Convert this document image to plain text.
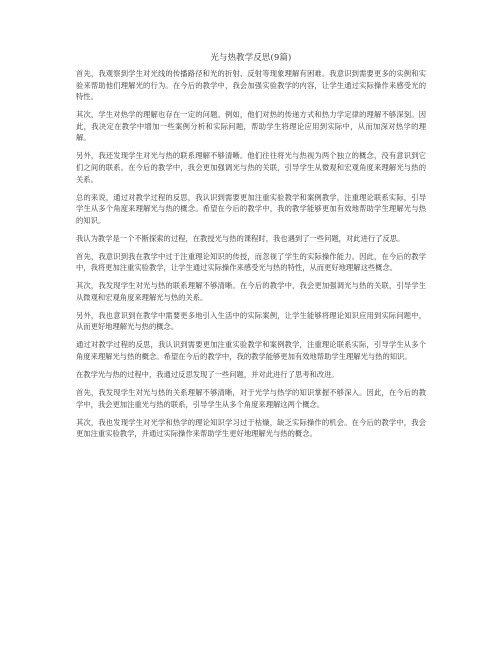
光与热教学反思(9篇)

首先，我观察到学生对光线的传播路径和光的折射、反射等现象理解有困难。我意识到需要更多的实例和实验来帮助他们理解光的行为。在今后的教学中，我会加强实验教学的内容，让学生通过实际操作来感受光的特性。

其次，学生对热学的理解也存在一定的问题。例如，他们对热的传递方式和热力学定律的理解不够深刻。因此，我决定在教学中增加一些案例分析和实际问题，帮助学生将理论应用到实际中，从而加深对热学的理解。

另外，我还发现学生对光与热的联系理解不够清晰。他们往往将光与热视为两个独立的概念，没有意识到它们之间的联系。在今后的教学中，我会更加强调光与热的关联，引导学生从微观和宏观角度来理解光与热的关系。

总的来说，通过对教学过程的反思，我认识到需要更加注重实验教学和案例教学，注重理论联系实际，引导学生从多个角度来理解光与热的概念。希望在今后的教学中，我的教学能够更加有效地帮助学生理解光与热的知识。

我认为教学是一个不断探索的过程，在教授光与热的课程时，我也遇到了一些问题，对此进行了反思。

首先，我意识到我在教学中过于注重理论知识的传授，而忽视了学生的实际操作能力。因此，在今后的教学中，我将更加注重实验教学，让学生通过实际操作来感受光与热的特性，从而更好地理解这些概念。

其次，我发现学生对光与热的联系理解不够清晰。在今后的教学中，我会更加强调光与热的关联，引导学生从微观和宏观角度来理解光与热的关系。

另外，我也意识到在教学中需要更多地引入生活中的实际案例，让学生能够将理论知识应用到实际问题中，从而更好地理解光与热的概念。

通过对教学过程的反思，我认识到需要更加注重实验教学和案例教学，注重理论联系实际，引导学生从多个角度来理解光与热的概念。希望在今后的教学中，我的教学能够更加有效地帮助学生理解光与热的知识。

在教学光与热的过程中，我通过反思发现了一些问题，并对此进行了思考和改进。

首先，我发现学生对光与热的关系理解不够清晰，对于光学与热学的知识掌握不够深入。因此，在今后的教学中，我会更加注重光与热的联系，引导学生从多个角度来理解这两个概念。

其次，我也发现学生对光学和热学的理论知识学习过于枯燥，缺乏实际操作的机会。在今后的教学中，我会更加注重实验教学，并通过实际操作来帮助学生更好地理解光与热的概念。
